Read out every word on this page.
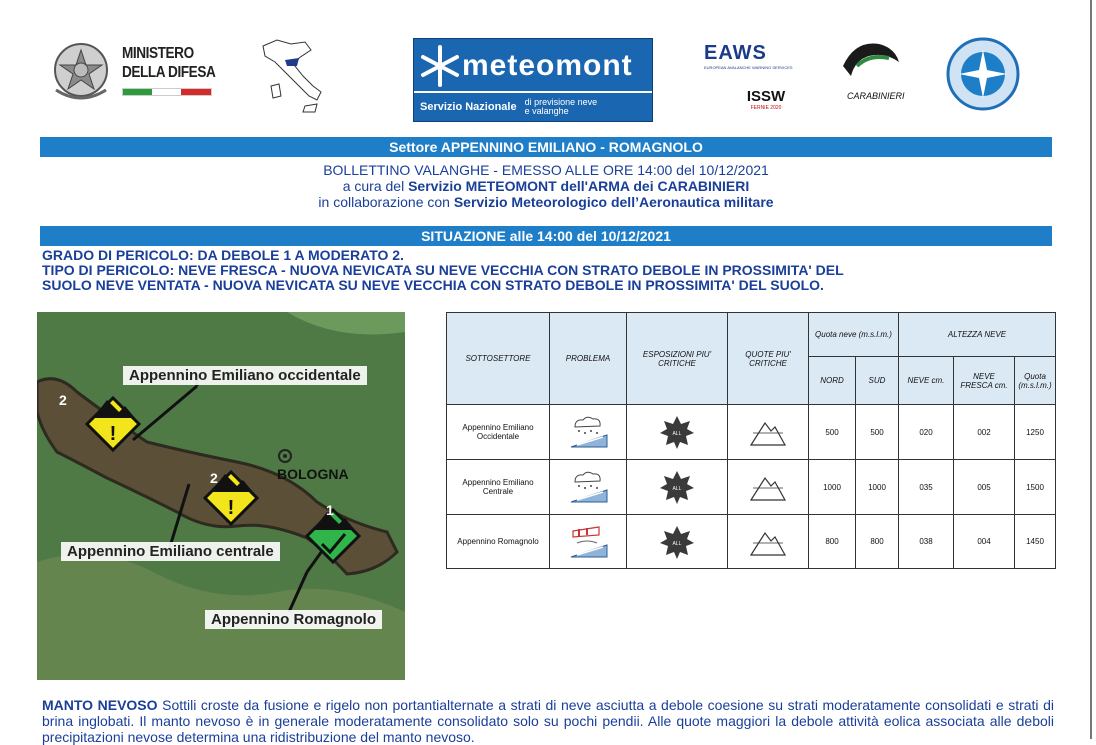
MINISTERO
DELLA DIFESA	meteomont
Servizio Nazionale di previsione neve
e valanghe
EAWS
EUROPEAN AVALANCHE WARNING SERVICES
ISSW
FERNIE 2020
CARABINIERI
Settore APPENNINO EMILIANO - ROMAGNOLO
BOLLETTINO VALANGHE - EMESSO ALLE ORE 14:00 del 10/12/2021
a cura del Servizio METEOMONT dell'ARMA dei CARABINIERI
in collaborazione con Servizio Meteorologico dell’Aeronautica militare
SITUAZIONE alle 14:00 del 10/12/2021
GRADO DI PERICOLO: DA DEBOLE 1 A MODERATO 2.
TIPO DI PERICOLO: NEVE FRESCA - NUOVA NEVICATA SU NEVE VECCHIA CON STRATO DEBOLE IN PROSSIMITA' DEL
SUOLO NEVE VENTATA - NUOVA NEVICATA SU NEVE VECCHIA CON STRATO DEBOLE IN PROSSIMITA' DEL SUOLO.
!
!
2
2
1
Appennino Emiliano occidentale
Appennino Emiliano centrale
Appennino Romagnolo
BOLOGNA
SOTTOSETTORE	PROBLEMA	ESPOSIZIONI PIU' CRITICHE	QUOTE PIU' CRITICHE	Quota neve (m.s.l.m.)		ALTEZZA NEVE		
				NORD	SUD	NEVE cm.	NEVE FRESCA cm.	Quota (m.s.l.m.)
Appennino Emiliano Occidentale		ALL		500	500	020	002	1250
Appennino Emiliano Centrale		ALL		1000	1000	035	005	1500
Appennino Romagnolo		ALL		800	800	038	004	1450
MANTO NEVOSO Sottili croste da fusione e rigelo non portantialternate a strati di neve asciutta a debole coesione su strati moderatamente consolidati e strati di brina inglobati. Il manto nevoso è in generale moderatamente consolidato solo su pochi pendii. Alle quote maggiori la debole attività eolica associata alle deboli precipitazioni nevose determina una ridistribuzione del manto nevoso.
